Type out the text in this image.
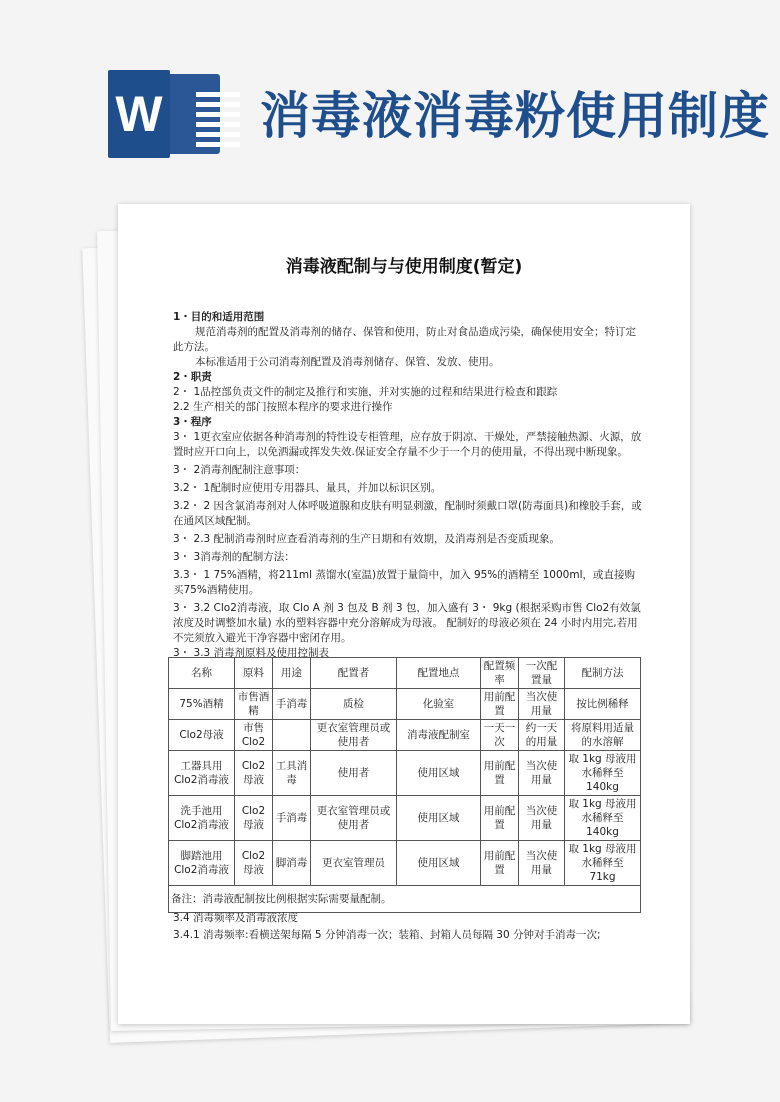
W 消毒液消毒粉使用制度
消毒液配制与与使用制度(暂定)

1・目的和适用范围

规范消毒剂的配置及消毒剂的储存、保管和使用，防止对食品造成污染，确保使用安全；特订定此方法。

本标准适用于公司消毒剂配置及消毒剂储存、保管、发放、使用。

2・职责

2・ 1品控部负责文件的制定及推行和实施，并对实施的过程和结果进行检查和跟踪

2.2 生产相关的部门按照本程序的要求进行操作

3・程序

3・ 1更衣室应依据各种消毒剂的特性设专柜管理，应存放于阴凉、干燥处，严禁接触热源、火源，放置时应开口向上，以免洒漏或挥发失效.保证安全存量不少于一个月的使用量，不得出现中断现象。

3・ 2消毒剂配制注意事项：

3.2・ 1配制时应使用专用器具、量具，并加以标识区别。

3.2・ 2 因含氯消毒剂对人体呼吸道腺和皮肤有明显刺激，配制时须戴口罩(防毒面具)和橡胶手套，或在通风区域配制。

3・ 2.3 配制消毒剂时应查看消毒剂的生产日期和有效期，及消毒剂是否变质现象。

3・ 3消毒剂的配制方法：

3.3・ 1 75%酒精，将211ml 蒸馏水(室温)放置于量筒中，加入 95%的酒精至 1000ml，或直接购买75%酒精使用。

3・ 3.2 Clo2消毒液，取 Clo A 剂 3 包及 B 剂 3 包，加入盛有 3・ 9kg (根据采购市售 Clo2有效氯浓度及时调整加水量) 水的塑料容器中充分溶解成为母液。 配制好的母液必须在 24 小时内用完,若用不完须放入避光干净容器中密闭存用。

3・ 3.3 消毒剂原料及使用控制表

名称	原料	用途	配置者	配置地点	配置频率	一次配置量	配制方法
75%酒精	市售酒精	手消毒	质检	化验室	用前配置	当次使用量	按比例稀释
Clo2母液	市售Clo2		更衣室管理员或使用者	消毒液配制室	一天一次	约一天的用量	将原料用适量的水溶解
工器具用Clo2消毒液	Clo2母液	工具消毒	使用者	使用区域	用前配置	当次使用量	取 1kg 母液用水稀释至 140kg
洗手池用Clo2消毒液	Clo2母液	手消毒	更衣室管理员或使用者	使用区域	用前配置	当次使用量	取 1kg 母液用水稀释至 140kg
脚踏池用Clo2消毒液	Clo2母液	脚消毒	更衣室管理员	使用区域	用前配置	当次使用量	取 1kg 母液用水稀释至 71kg
备注：消毒液配制按比例根据实际需要量配制。							

3.4 消毒频率及消毒液浓度

3.4.1 消毒频率:看横送架每隔 5 分钟消毒一次；装箱、封箱人员每隔 30 分钟对手消毒一次;
